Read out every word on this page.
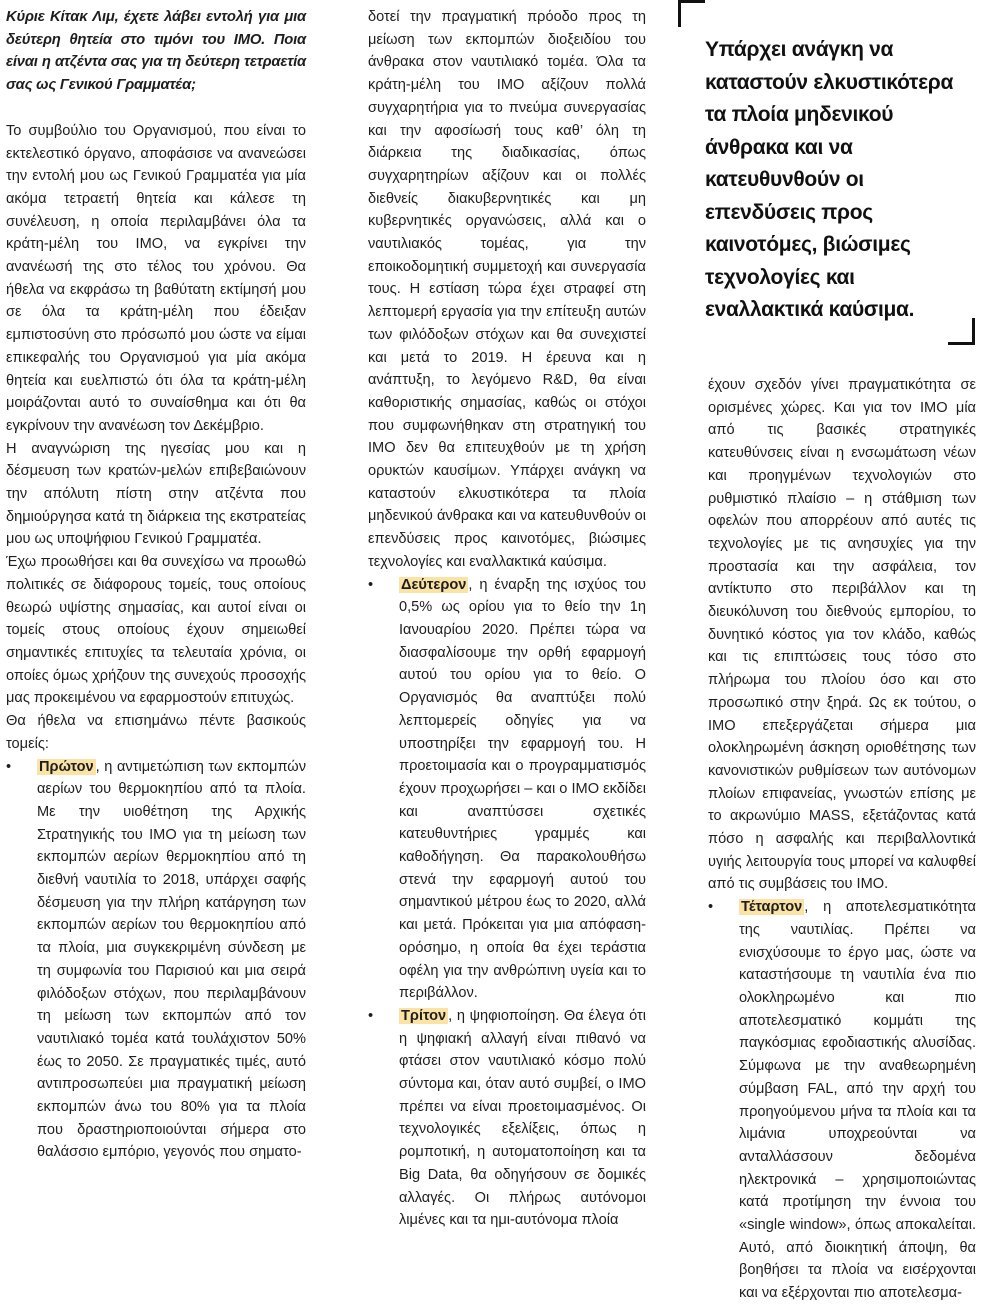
Κύριε Κίτακ Λιμ, έχετε λάβει εντολή για μια δεύτερη θητεία στο τιμόνι του IMO. Ποια είναι η ατζέντα σας για τη δεύτερη τετραετία σας ως Γενικού Γραμματέα;

Το συμβούλιο του Οργανισμού, που είναι το εκτελεστικό όργανο, αποφάσισε να ανανεώσει την εντολή μου ως Γενικού Γραμματέα για μία ακόμα τετραετή θητεία και κάλεσε τη συνέλευση, η οποία περιλαμβάνει όλα τα κράτη-μέλη του IMO, να εγκρίνει την ανανέωσή της στο τέλος του χρόνου. Θα ήθελα να εκφράσω τη βαθύτατη εκτίμησή μου σε όλα τα κράτη-μέλη που έδειξαν εμπιστοσύνη στο πρόσωπό μου ώστε να είμαι επικεφαλής του Οργανισμού για μία ακόμα θητεία και ευελπιστώ ότι όλα τα κράτη-μέλη μοιράζονται αυτό το συναίσθημα και ότι θα εγκρίνουν την ανανέωση τον Δεκέμβριο.

Η αναγνώριση της ηγεσίας μου και η δέσμευση των κρατών-μελών επιβεβαιώνουν την απόλυτη πίστη στην ατζέντα που δημιούργησα κατά τη διάρκεια της εκστρατείας μου ως υποψήφιου Γενικού Γραμματέα.

Έχω προωθήσει και θα συνεχίσω να προωθώ πολιτικές σε διάφορους τομείς, τους οποίους θεωρώ υψίστης σημασίας, και αυτοί είναι οι τομείς στους οποίους έχουν σημειωθεί σημαντικές επιτυχίες τα τελευταία χρόνια, οι οποίες όμως χρήζουν της συνεχούς προσοχής μας προκειμένου να εφαρμοστούν επιτυχώς.

Θα ήθελα να επισημάνω πέντε βασικούς τομείς:

• Πρώτον , η αντιμετώπιση των εκπομπών αερίων του θερμοκηπίου από τα πλοία. Με την υιοθέτηση της Αρχικής Στρατηγικής του IMO για τη μείωση των εκπομπών αερίων θερμοκηπίου από τη διεθνή ναυτιλία το 2018, υπάρχει σαφής δέσμευση για την πλήρη κατάργηση των εκπομπών αερίων του θερμοκηπίου από τα πλοία, μια συγκεκριμένη σύνδεση με τη συμφωνία του Παρισιού και μια σειρά φιλόδοξων στόχων, που περιλαμβάνουν τη μείωση των εκπομπών από τον ναυτιλιακό τομέα κατά τουλάχιστον 50% έως το 2050. Σε πραγματικές τιμές, αυτό αντιπροσωπεύει μια πραγματική μείωση εκπομπών άνω του 80% για τα πλοία που δραστηριοποιούνται σήμερα στο θαλάσσιο εμπόριο, γεγονός που σηματο-

δοτεί την πραγματική πρόοδο προς τη μείωση των εκπομπών διοξειδίου του άνθρακα στον ναυτιλιακό τομέα. Όλα τα κράτη-μέλη του IMO αξίζουν πολλά συγχαρητήρια για το πνεύμα συνεργασίας και την αφοσίωσή τους καθ’ όλη τη διάρκεια της διαδικασίας, όπως συγχαρητηρίων αξίζουν και οι πολλές διεθνείς διακυβερνητικές και μη κυβερνητικές οργανώσεις, αλλά και ο ναυτιλιακός τομέας, για την εποικοδομητική συμμετοχή και συνεργασία τους. Η εστίαση τώρα έχει στραφεί στη λεπτομερή εργασία για την επίτευξη αυτών των φιλόδοξων στόχων και θα συνεχιστεί και μετά το 2019. Η έρευνα και η ανάπτυξη, το λεγόμενο R&D, θα είναι καθοριστικής σημασίας, καθώς οι στόχοι που συμφωνήθηκαν στη στρατηγική του IMO δεν θα επιτευχθούν με τη χρήση ορυκτών καυσίμων. Υπάρχει ανάγκη να καταστούν ελκυστικότερα τα πλοία μηδενικού άνθρακα και να κατευθυνθούν οι επενδύσεις προς καινοτόμες, βιώσιμες τεχνολογίες και εναλλακτικά καύσιμα.

• Δεύτερον , η έναρξη της ισχύος του 0,5% ως ορίου για το θείο την 1η Ιανουαρίου 2020. Πρέπει τώρα να διασφαλίσουμε την ορθή εφαρμογή αυτού του ορίου για το θείο. Ο Οργανισμός θα αναπτύξει πολύ λεπτομερείς οδηγίες για να υποστηρίξει την εφαρμογή του. Η προετοιμασία και ο προγραμματισμός έχουν προχωρήσει – και ο IMO εκδίδει και αναπτύσσει σχετικές κατευθυντήριες γραμμές και καθοδήγηση. Θα παρακολουθήσω στενά την εφαρμογή αυτού του σημαντικού μέτρου έως το 2020, αλλά και μετά. Πρόκειται για μια απόφαση-ορόσημο, η οποία θα έχει τεράστια οφέλη για την ανθρώπινη υγεία και το περιβάλλον.

• Τρίτον , η ψηφιοποίηση. Θα έλεγα ότι η ψηφιακή αλλαγή είναι πιθανό να φτάσει στον ναυτιλιακό κόσμο πολύ σύντομα και, όταν αυτό συμβεί, ο IMO πρέπει να είναι προετοιμασμένος. Οι τεχνολογικές εξελίξεις, όπως η ρομποτική, η αυτοματοποίηση και τα Big Data, θα οδηγήσουν σε δομικές αλλαγές. Οι πλήρως αυτόνομοι λιμένες και τα ημι-αυτόνομα πλοία

Υπάρχει ανάγκη να καταστούν ελκυστικότερα τα πλοία μηδενικού άνθρακα και να κατευθυνθούν οι επενδύσεις προς καινοτόμες, βιώσιμες τεχνολογίες και εναλλακτικά καύσιμα.

έχουν σχεδόν γίνει πραγματικότητα σε ορισμένες χώρες. Και για τον IMO μία από τις βασικές στρατηγικές κατευθύνσεις είναι η ενσωμάτωση νέων και προηγμένων τεχνολογιών στο ρυθμιστικό πλαίσιο – η στάθμιση των οφελών που απορρέουν από αυτές τις τεχνολογίες με τις ανησυχίες για την προστασία και την ασφάλεια, τον αντίκτυπο στο περιβάλλον και τη διευκόλυνση του διεθνούς εμπορίου, το δυνητικό κόστος για τον κλάδο, καθώς και τις επιπτώσεις τους τόσο στο πλήρωμα του πλοίου όσο και στο προσωπικό στην ξηρά. Ως εκ τούτου, ο IMO επεξεργάζεται σήμερα μια ολοκληρωμένη άσκηση οριοθέτησης των κανονιστικών ρυθμίσεων των αυτόνομων πλοίων επιφανείας, γνωστών επίσης με το ακρωνύμιο MASS, εξετάζοντας κατά πόσο η ασφαλής και περιβαλλοντικά υγιής λειτουργία τους μπορεί να καλυφθεί από τις συμβάσεις του IMO.

• Τέταρτον , η αποτελεσματικότητα της ναυτιλίας. Πρέπει να ενισχύσουμε το έργο μας, ώστε να καταστήσουμε τη ναυτιλία ένα πιο ολοκληρωμένο και πιο αποτελεσματικό κομμάτι της παγκόσμιας εφοδιαστικής αλυσίδας. Σύμφωνα με την αναθεωρημένη σύμβαση FAL, από την αρχή του προηγούμενου μήνα τα πλοία και τα λιμάνια υποχρεούνται να ανταλλάσσουν δεδομένα ηλεκτρονικά – χρησιμοποιώντας κατά προτίμηση την έννοια του «single window», όπως αποκαλείται. Αυτό, από διοικητική άποψη, θα βοηθήσει τα πλοία να εισέρχονται και να εξέρχονται πιο αποτελεσμα-
